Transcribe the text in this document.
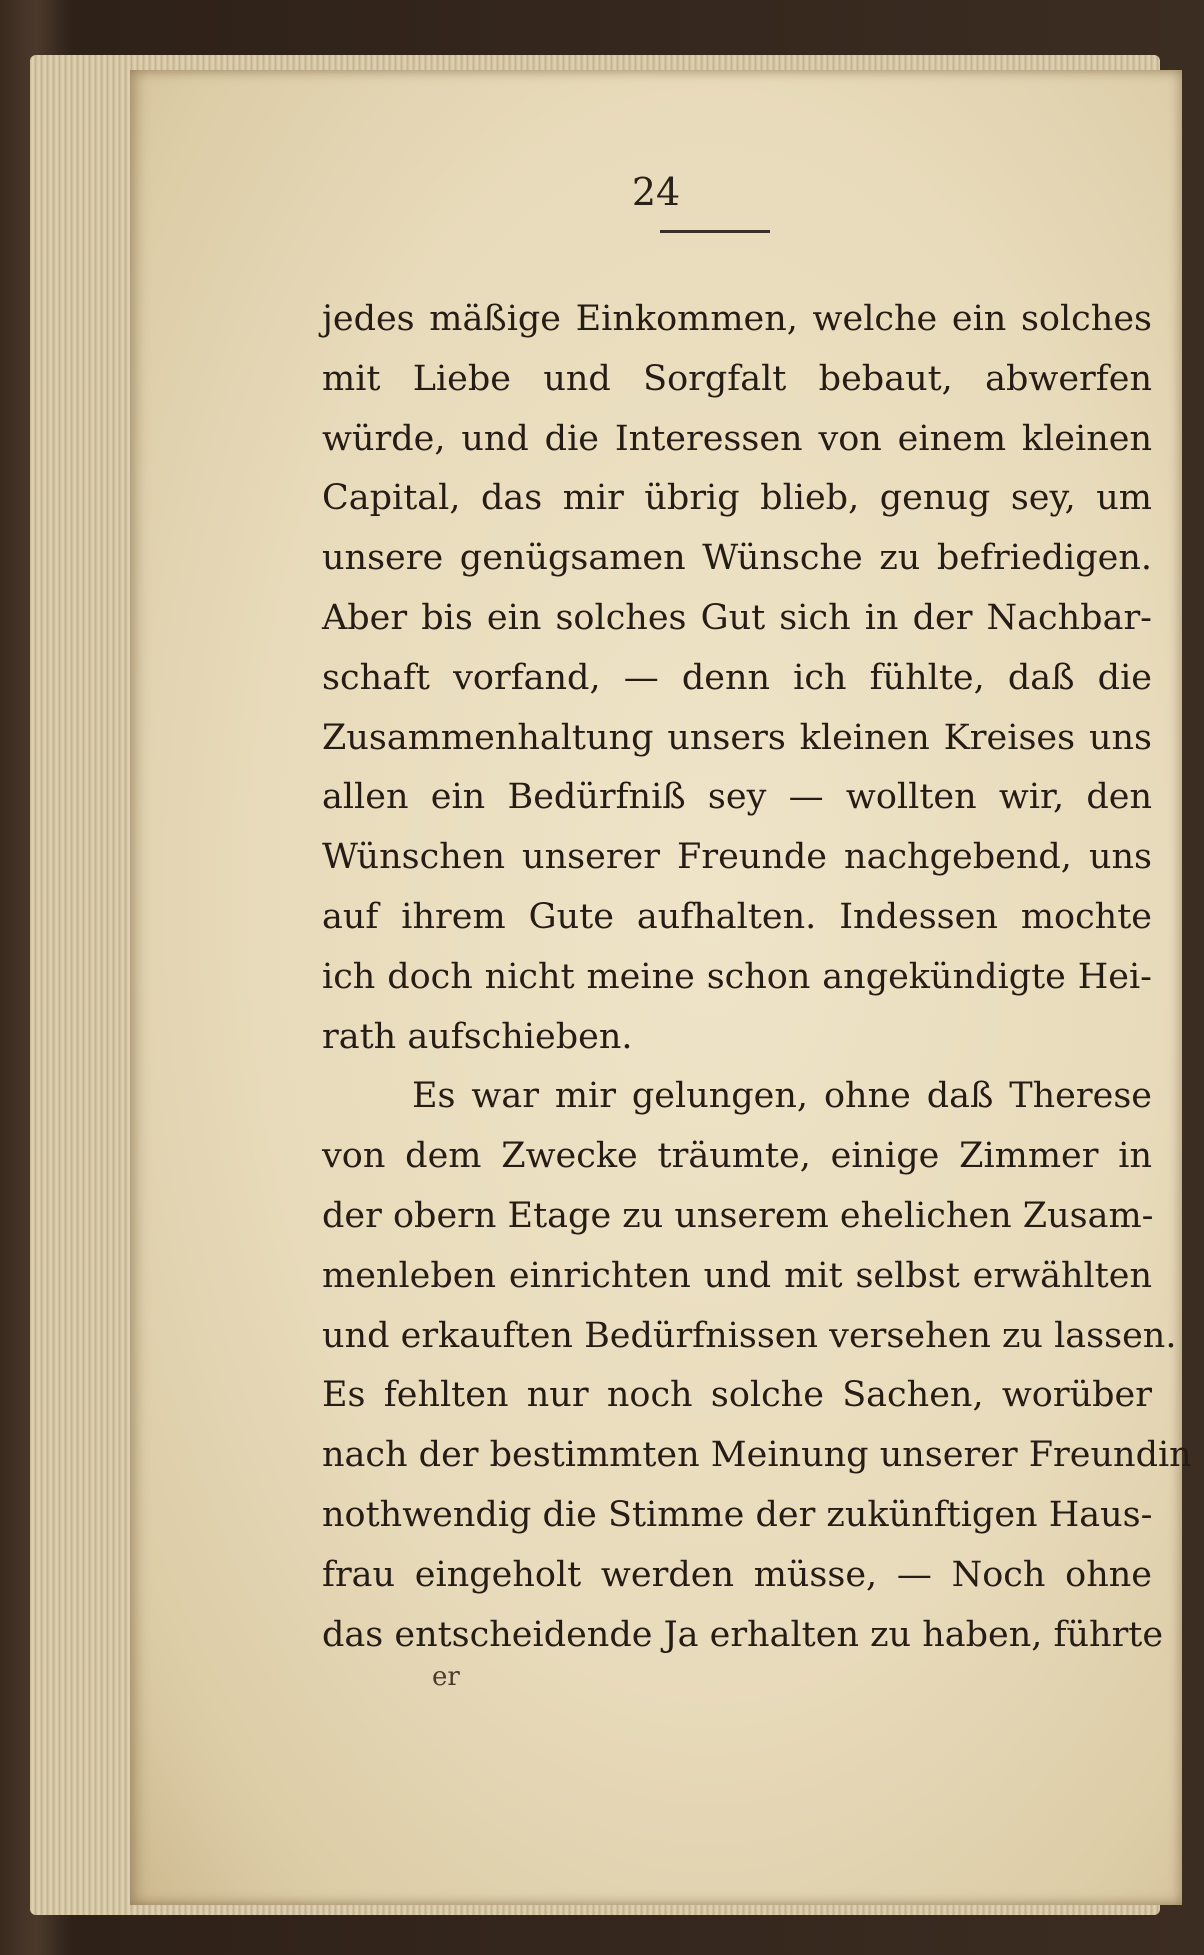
24
jedes mäßige Einkommen, welche ein solches
mit Liebe und Sorgfalt bebaut, abwerfen
würde, und die Interessen von einem kleinen
Capital, das mir übrig blieb, genug sey, um
unsere genügsamen Wünsche zu befriedigen.
Aber bis ein solches Gut sich in der Nachbar-
schaft vorfand, — denn ich fühlte, daß die
Zusammenhaltung unsers kleinen Kreises uns
allen ein Bedürfniß sey — wollten wir, den
Wünschen unserer Freunde nachgebend, uns
auf ihrem Gute aufhalten. Indessen mochte
ich doch nicht meine schon angekündigte Hei-
rath aufschieben.
Es war mir gelungen, ohne daß Therese
von dem Zwecke träumte, einige Zimmer in
der obern Etage zu unserem ehelichen Zusam-
menleben einrichten und mit selbst erwählten
und erkauften Bedürfnissen versehen zu lassen.
Es fehlten nur noch solche Sachen, worüber
nach der bestimmten Meinung unserer Freundin
nothwendig die Stimme der zukünftigen Haus-
frau eingeholt werden müsse, — Noch ohne
das entscheidende Ja erhalten zu haben, führte
er
